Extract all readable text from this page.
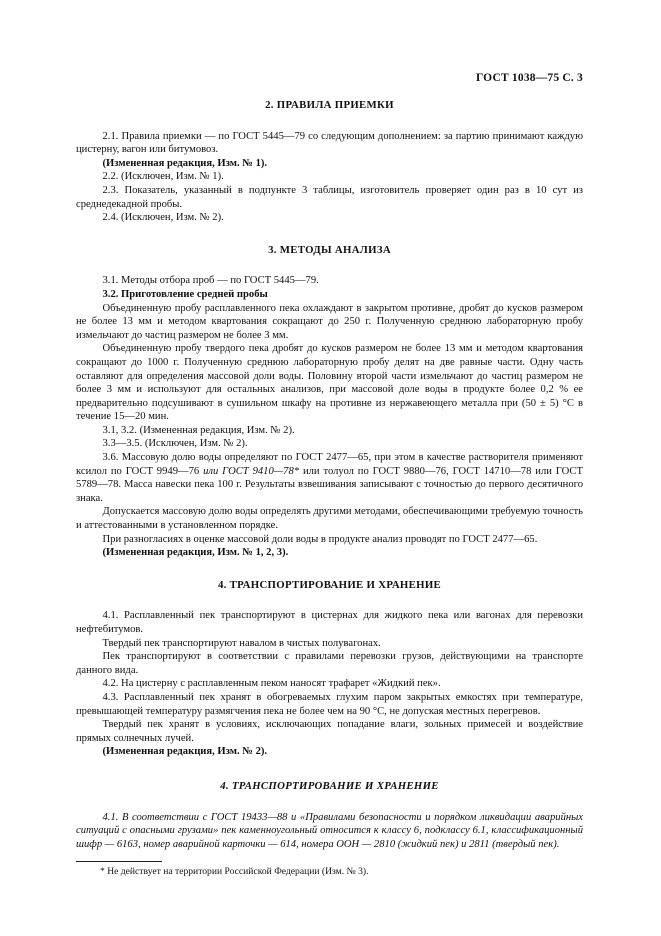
ГОСТ 1038—75 С. 3
2. ПРАВИЛА ПРИЕМКИ

2.1. Правила приемки — по ГОСТ 5445—79 со следующим дополнением: за партию принимают каждую цистерну, вагон или битумовоз.

(Измененная редакция, Изм. № 1).

2.2. (Исключен, Изм. № 1).

2.3. Показатель, указанный в подпункте 3 таблицы, изготовитель проверяет один раз в 10 сут из среднедекадной пробы.

2.4. (Исключен, Изм. № 2).

3. МЕТОДЫ АНАЛИЗА

3.1. Методы отбора проб — по ГОСТ 5445—79.

3.2. Приготовление средней пробы

Объединенную пробу расплавленного пека охлаждают в закрытом противне, дробят до кусков размером не более 13 мм и методом квартования сокращают до 250 г. Полученную среднюю лабораторную пробу измельчают до частиц размером не более 3 мм.

Объединенную пробу твердого пека дробят до кусков размером не более 13 мм и методом квартования сокращают до 1000 г. Полученную среднюю лабораторную пробу делят на две равные части. Одну часть оставляют для определения массовой доли воды. Половину второй части измельчают до частиц размером не более 3 мм и используют для остальных анализов, при массовой доле воды в продукте более 0,2 % ее предварительно подсушивают в сушильном шкафу на противне из нержавеющего металла при (50 ± 5) °С в течение 15—20 мин.

3.1, 3.2. (Измененная редакция, Изм. № 2).

3.3—3.5. (Исключен, Изм. № 2).

3.6. Массовую долю воды определяют по ГОСТ 2477—65, при этом в качестве растворителя применяют ксилол по ГОСТ 9949—76 или ГОСТ 9410—78* или толуол по ГОСТ 9880—76, ГОСТ 14710—78 или ГОСТ 5789—78. Масса навески пека 100 г. Результаты взвешивания записывают с точностью до первого десятичного знака.

Допускается массовую долю воды определять другими методами, обеспечивающими требуемую точность и аттестованными в установленном порядке.

При разногласиях в оценке массовой доли воды в продукте анализ проводят по ГОСТ 2477—65.

(Измененная редакция, Изм. № 1, 2, 3).

4. ТРАНСПОРТИРОВАНИЕ И ХРАНЕНИЕ

4.1. Расплавленный пек транспортируют в цистернах для жидкого пека или вагонах для перевозки нефтебитумов.

Твердый пек транспортируют навалом в чистых полувагонах.

Пек транспортируют в соответствии с правилами перевозки грузов, действующими на транспорте данного вида.

4.2. На цистерну с расплавленным пеком наносят трафарет «Жидкий пек».

4.3. Расплавленный пек хранят в обогреваемых глухим паром закрытых емкостях при температуре, превышающей температуру размягчения пека не более чем на 90 °С, не допуская местных перегревов.

Твердый пек хранят в условиях, исключающих попадание влаги, зольных примесей и воздействие прямых солнечных лучей.

(Измененная редакция, Изм. № 2).

4. ТРАНСПОРТИРОВАНИЕ И ХРАНЕНИЕ

4.1. В соответствии с ГОСТ 19433—88 и «Правилами безопасности и порядком ликвидации аварийных ситуаций с опасными грузами» пек каменноугольный относится к классу 6, подклассу 6.1, классификационный шифр — 6163, номер аварийной карточки — 614, номера ООН — 2810 (жидкий пек) и 2811 (твердый пек).

* Не действует на территории Российской Федерации (Изм. № 3).
